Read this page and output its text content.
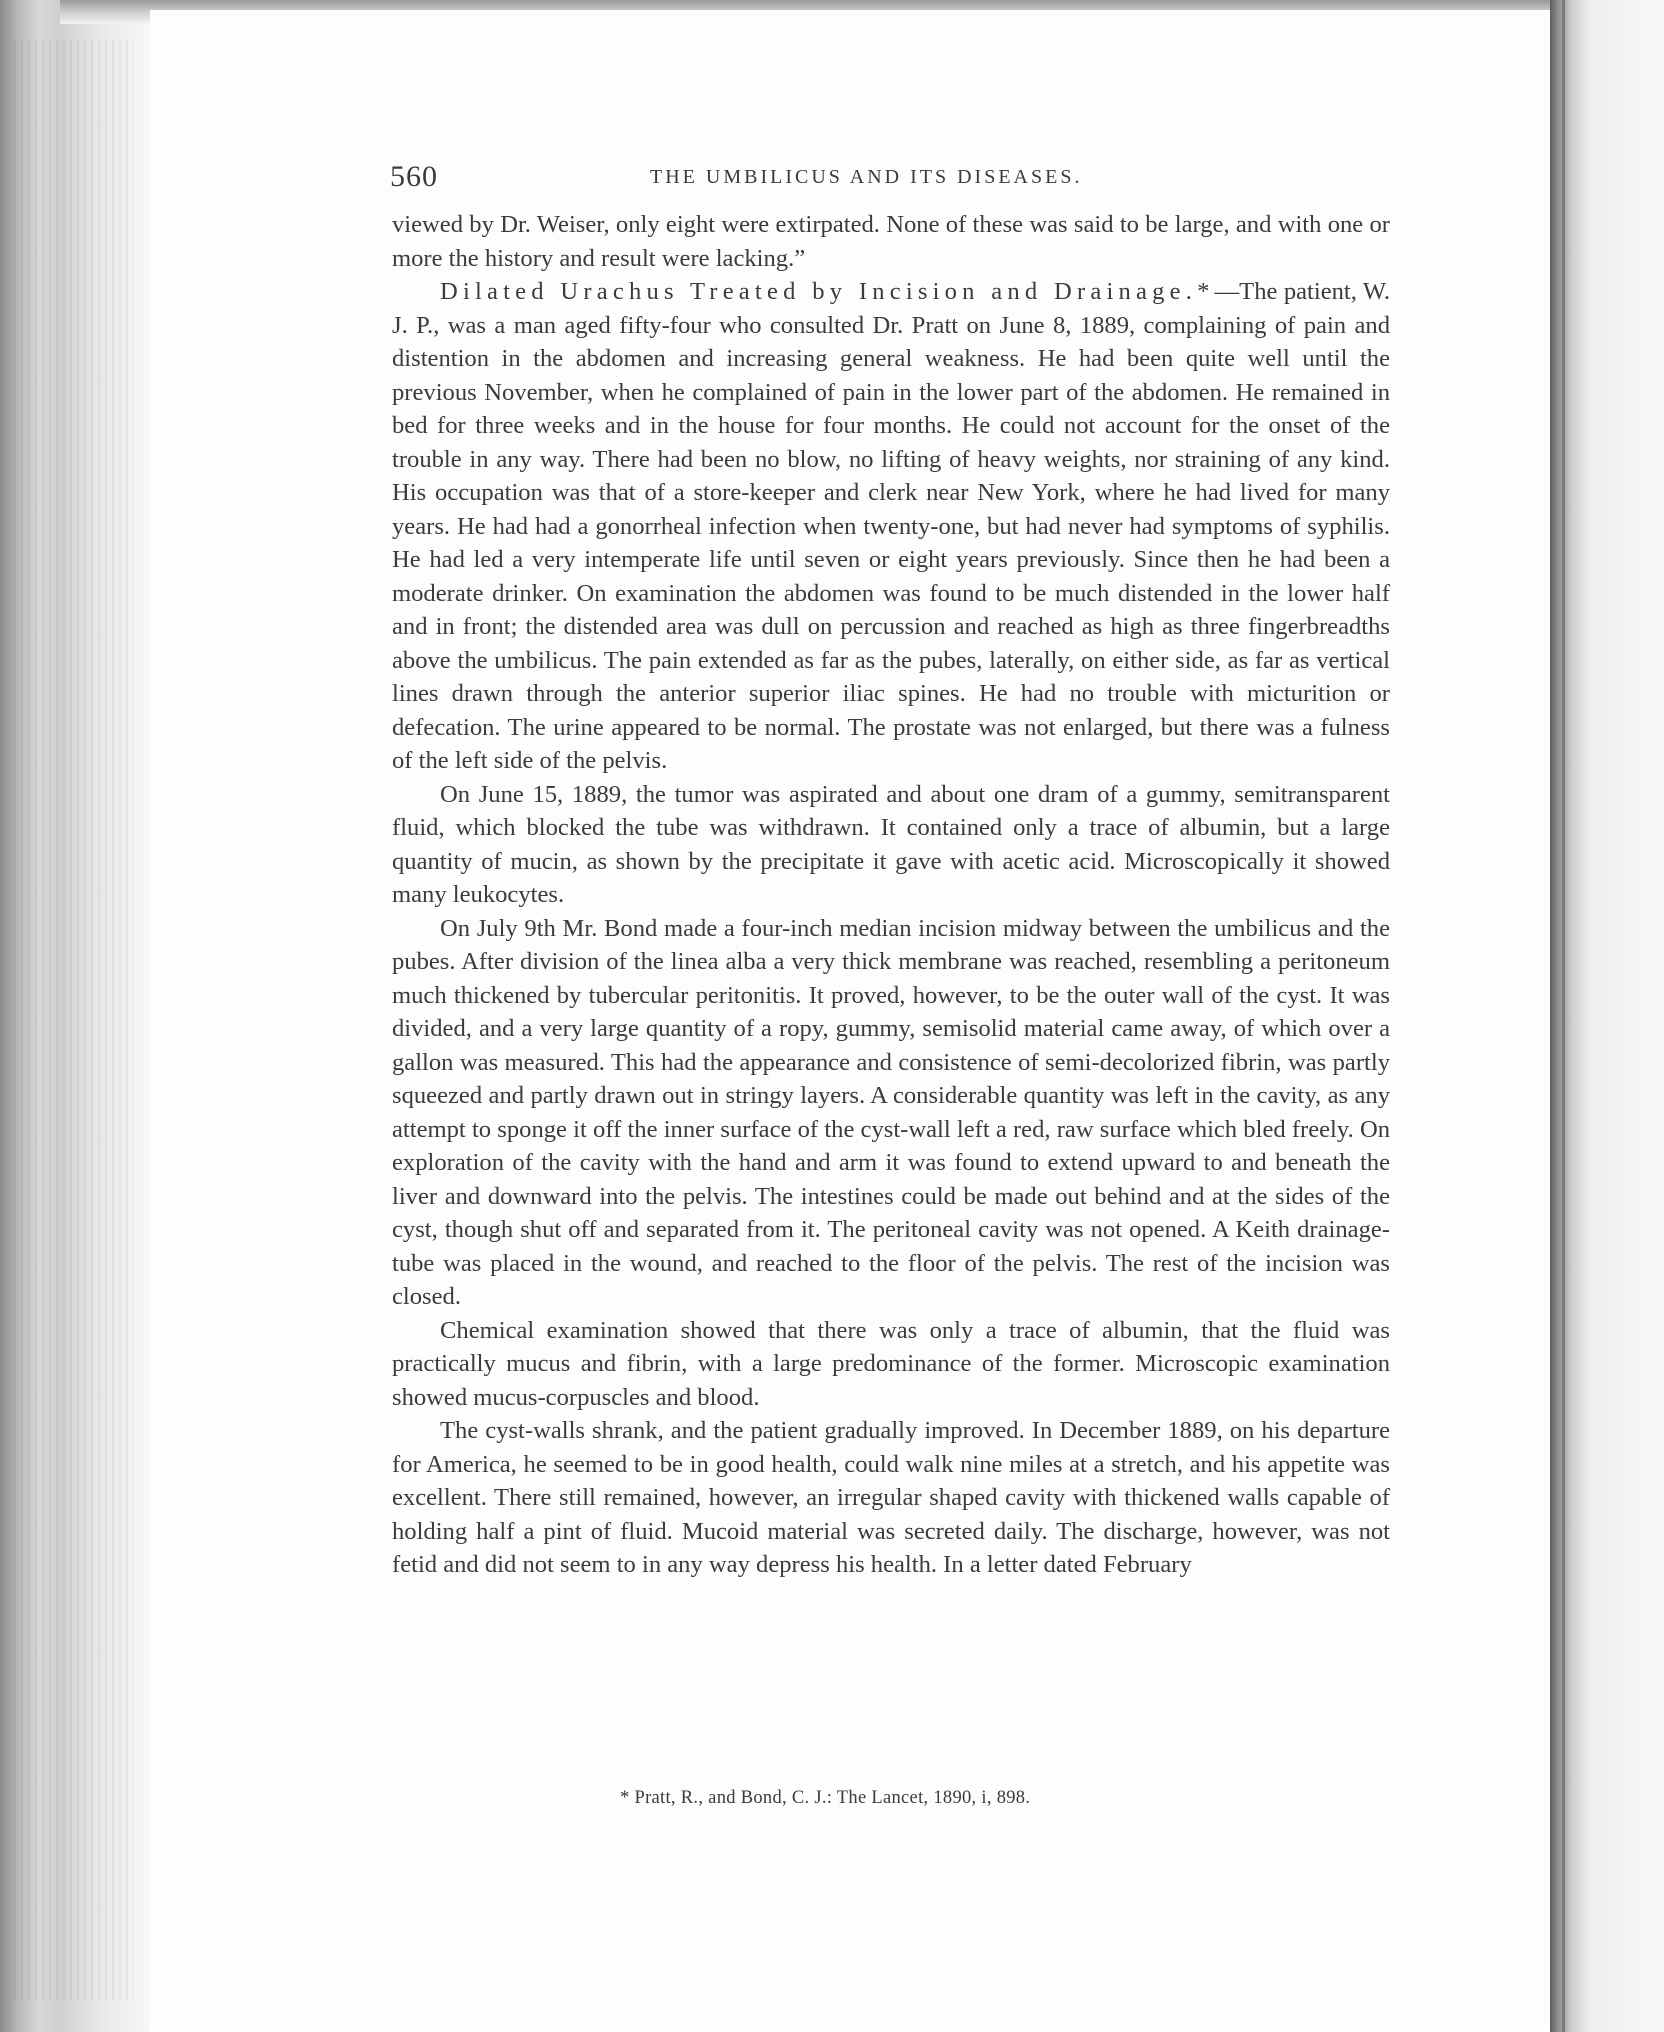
560	THE UMBILICUS AND ITS DISEASES.

viewed by Dr. Weiser, only eight were extirpated. None of these was said to be large, and with one or more the history and result were lacking.”

Dilated Urachus Treated by Incision and Drainage.*—The patient, W. J. P., was a man aged fifty-four who consulted Dr. Pratt on June 8, 1889, complaining of pain and distention in the abdomen and increasing general weakness. He had been quite well until the previous November, when he complained of pain in the lower part of the abdomen. He remained in bed for three weeks and in the house for four months. He could not account for the onset of the trouble in any way. There had been no blow, no lifting of heavy weights, nor straining of any kind. His occupation was that of a store-keeper and clerk near New York, where he had lived for many years. He had had a gonorrheal infection when twenty-one, but had never had symptoms of syphilis. He had led a very intemperate life until seven or eight years previously. Since then he had been a moderate drinker. On examination the abdomen was found to be much distended in the lower half and in front; the distended area was dull on percussion and reached as high as three fingerbreadths above the umbilicus. The pain extended as far as the pubes, laterally, on either side, as far as vertical lines drawn through the anterior superior iliac spines. He had no trouble with micturition or defecation. The urine appeared to be normal. The prostate was not enlarged, but there was a fulness of the left side of the pelvis.

On June 15, 1889, the tumor was aspirated and about one dram of a gummy, semitransparent fluid, which blocked the tube was withdrawn. It contained only a trace of albumin, but a large quantity of mucin, as shown by the precipitate it gave with acetic acid. Microscopically it showed many leukocytes.

On July 9th Mr. Bond made a four-inch median incision midway between the umbilicus and the pubes. After division of the linea alba a very thick membrane was reached, resembling a peritoneum much thickened by tubercular peritonitis. It proved, however, to be the outer wall of the cyst. It was divided, and a very large quantity of a ropy, gummy, semisolid material came away, of which over a gallon was measured. This had the appearance and consistence of semi-decolorized fibrin, was partly squeezed and partly drawn out in stringy layers. A considerable quantity was left in the cavity, as any attempt to sponge it off the inner surface of the cyst-wall left a red, raw surface which bled freely. On exploration of the cavity with the hand and arm it was found to extend upward to and beneath the liver and downward into the pelvis. The intestines could be made out behind and at the sides of the cyst, though shut off and separated from it. The peritoneal cavity was not opened. A Keith drainage-tube was placed in the wound, and reached to the floor of the pelvis. The rest of the incision was closed.

Chemical examination showed that there was only a trace of albumin, that the fluid was practically mucus and fibrin, with a large predominance of the former. Microscopic examination showed mucus-corpuscles and blood.

The cyst-walls shrank, and the patient gradually improved. In December 1889, on his departure for America, he seemed to be in good health, could walk nine miles at a stretch, and his appetite was excellent. There still remained, however, an irregular shaped cavity with thickened walls capable of holding half a pint of fluid. Mucoid material was secreted daily. The discharge, however, was not fetid and did not seem to in any way depress his health. In a letter dated February

* Pratt, R., and Bond, C. J.: The Lancet, 1890, i, 898.
